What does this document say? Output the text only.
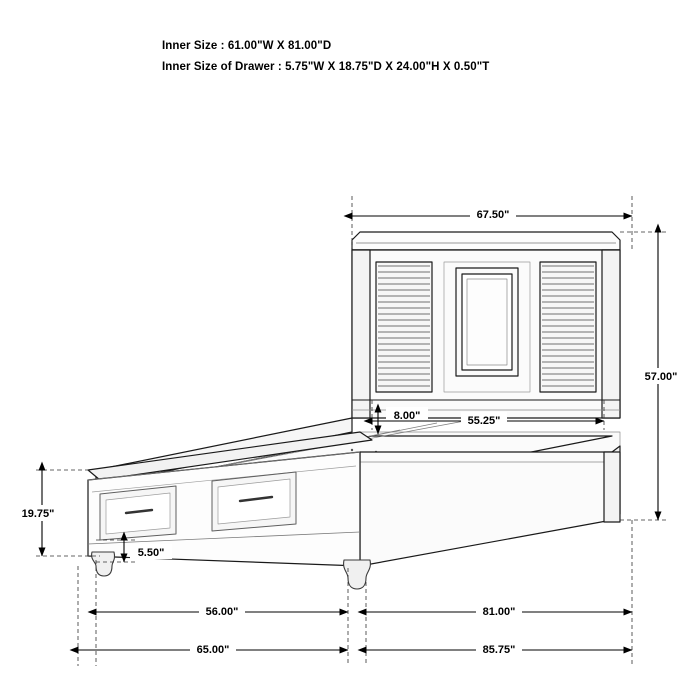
Inner Size : 61.00"W X 81.00"D
Inner Size of Drawer : 5.75"W X 18.75"D X 24.00"H X 0.50"T
67.50"
57.00"
8.00"	55.25"
19.75"
5.50"
56.00"	81.00"
65.00"	85.75"
